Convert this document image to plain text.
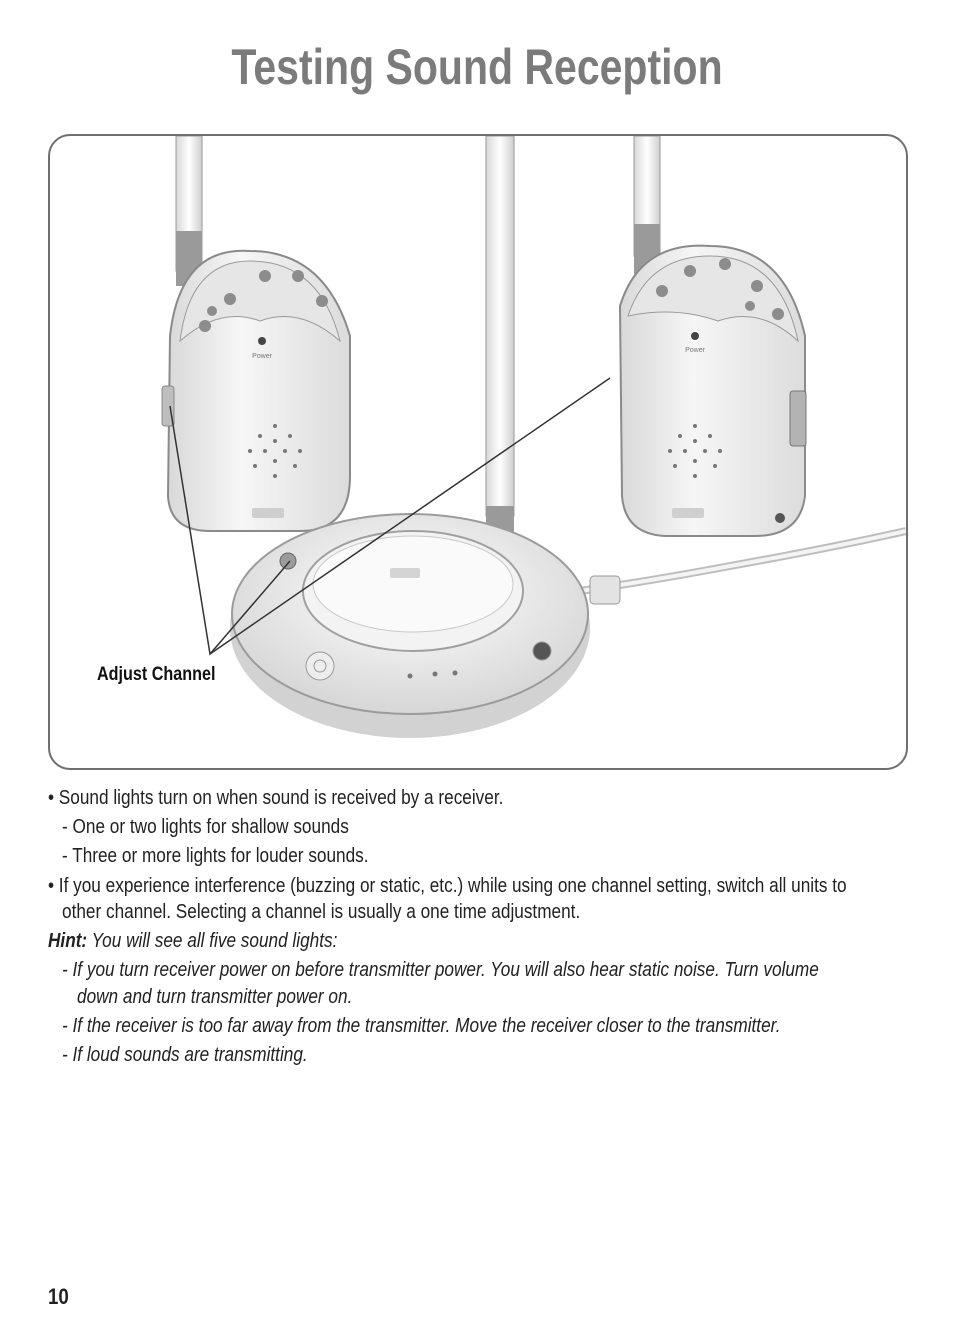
Testing Sound Reception
Power
Power
Adjust Channel
• Sound lights turn on when sound is received by a receiver.
- One or two lights for shallow sounds
- Three or more lights for louder sounds.
• If you experience interference (buzzing or static, etc.) while using one channel setting, switch all units to
other channel. Selecting a channel is usually a one time adjustment.
Hint: You will see all five sound lights:
- If you turn receiver power on before transmitter power. You will also hear static noise. Turn volume
down and turn transmitter power on.
- If the receiver is too far away from the transmitter. Move the receiver closer to the transmitter.
- If loud sounds are transmitting.
10
